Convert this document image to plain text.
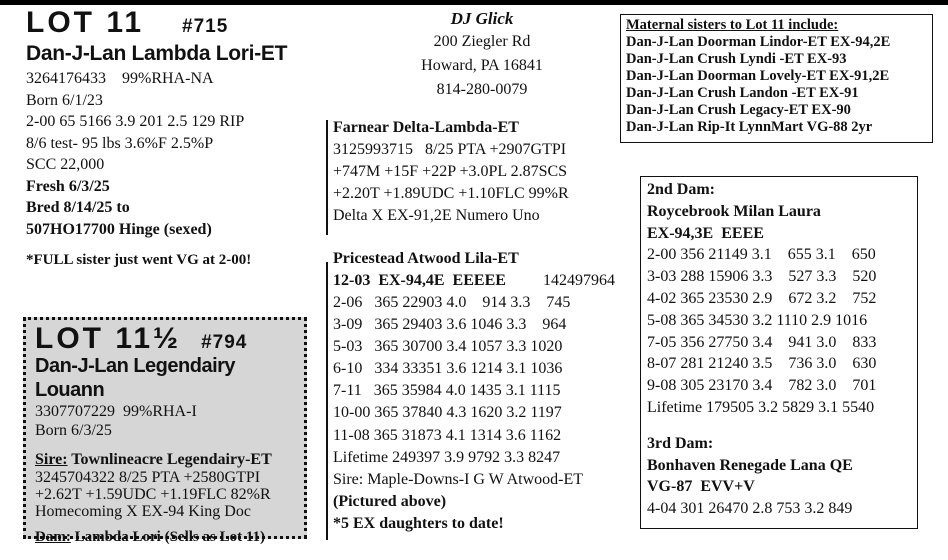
LOT 11 #715
Dan-J-Lan Lambda Lori-ET
3264176433    99%RHA-NA
Born 6/1/23
2-00 65 5166 3.9 201 2.5 129 RIP
8/6 test- 95 lbs 3.6%F 2.5%P
SCC 22,000
Fresh 6/3/25
Bred 8/14/25 to
507HO17700 Hinge (sexed)
*FULL sister just went VG at 2-00!
LOT 11½ #794
Dan-J-Lan Legendairy Louann
3307707229  99%RHA-I
Born 6/3/25
Sire: Townlineacre Legendairy-ET
3245704322 8/25 PTA +2580GTPI
+2.62T +1.59UDC +1.19FLC 82%R
Homecoming X EX-94 King Doc
Dam: Lambda Lori (Sells as Lot 11)
DJ Glick
200 Ziegler Rd
Howard, PA 16841
814-280-0079
Farnear Delta-Lambda-ET
3125993715   8/25 PTA +2907GTPI
+747M +15F +22P +3.0PL 2.87SCS
+2.20T +1.89UDC +1.10FLC 99%R
Delta X EX-91,2E Numero Uno
Pricestead Atwood Lila-ET
12-03  EX-94,4E  EEEEE 142497964
2-06   365 22903 4.0    914 3.3    745
3-09   365 29403 3.6 1046 3.3    964
5-03   365 30700 3.4 1057 3.3 1020
6-10   334 33351 3.6 1214 3.1 1036
7-11   365 35984 4.0 1435 3.1 1115
10-00 365 37840 4.3 1620 3.2 1197
11-08 365 31873 4.1 1314 3.6 1162
Lifetime 249397 3.9 9792 3.3 8247
Sire: Maple-Downs-I G W Atwood-ET
(Pictured above)
*5 EX daughters to date!
Maternal sisters to Lot 11 include:
Dan-J-Lan Doorman Lindor-ET EX-94,2E
Dan-J-Lan Crush Lyndi -ET EX-93
Dan-J-Lan Doorman Lovely-ET EX-91,2E
Dan-J-Lan Crush Landon -ET EX-91
Dan-J-Lan Crush Legacy-ET EX-90
Dan-J-Lan Rip-It LynnMart VG-88 2yr
2nd Dam:
Roycebrook Milan Laura
EX-94,3E  EEEE
2-00 356 21149 3.1    655 3.1    650
3-03 288 15906 3.3    527 3.3    520
4-02 365 23530 2.9    672 3.2    752
5-08 365 34530 3.2 1110 2.9 1016
7-05 356 27750 3.4    941 3.0    833
8-07 281 21240 3.5    736 3.0    630
9-08 305 23170 3.4    782 3.0    701
Lifetime 179505 3.2 5829 3.1 5540
3rd Dam:
Bonhaven Renegade Lana QE
VG-87  EVV+V
4-04 301 26470 2.8 753 3.2 849
